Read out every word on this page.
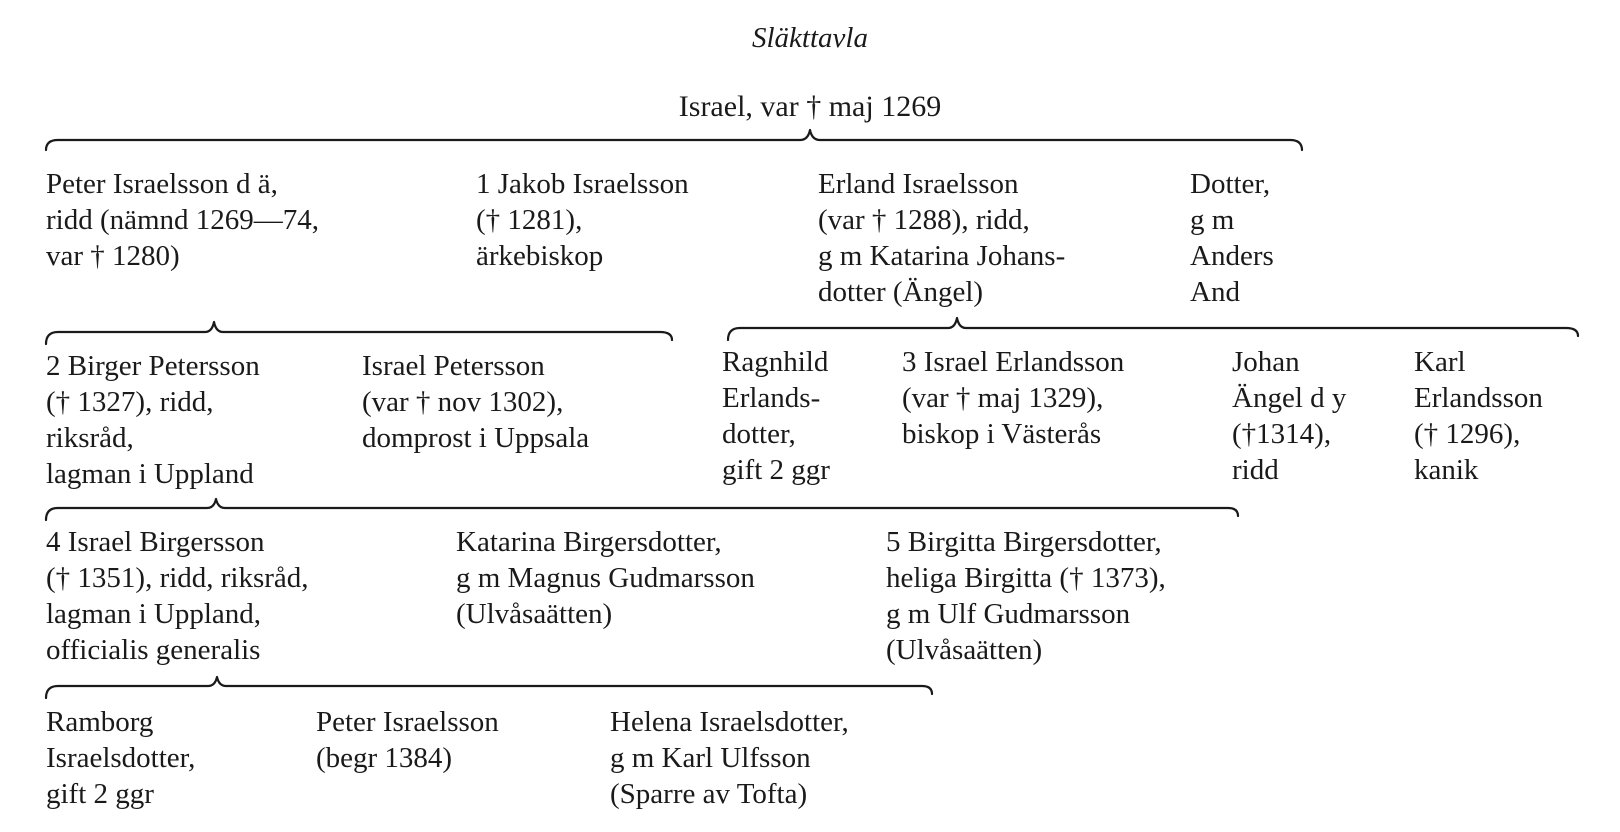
Släkttavla
Israel, var † maj 1269
Peter Israelsson d ä,
ridd (nämnd 1269—74,
var † 1280)
1 Jakob Israelsson
(† 1281),
ärkebiskop
Erland Israelsson
(var † 1288), ridd,
g m Katarina Johans-
dotter (Ängel)
Dotter,
g m
Anders
And
2 Birger Petersson
(† 1327), ridd,
riksråd,
lagman i Uppland
Israel Petersson
(var † nov 1302),
domprost i Uppsala
Ragnhild
Erlands-
dotter,
gift 2 ggr
3 Israel Erlandsson
(var † maj 1329),
biskop i Västerås
Johan
Ängel d y
(†1314),
ridd
Karl
Erlandsson
(† 1296),
kanik
4 Israel Birgersson
(† 1351), ridd, riksråd,
lagman i Uppland,
officialis generalis
Katarina Birgersdotter,
g m Magnus Gudmarsson
(Ulvåsaätten)
5 Birgitta Birgersdotter,
heliga Birgitta († 1373),
g m Ulf Gudmarsson
(Ulvåsaätten)
Ramborg
Israelsdotter,
gift 2 ggr
Peter Israelsson
(begr 1384)
Helena Israelsdotter,
g m Karl Ulfsson
(Sparre av Tofta)
